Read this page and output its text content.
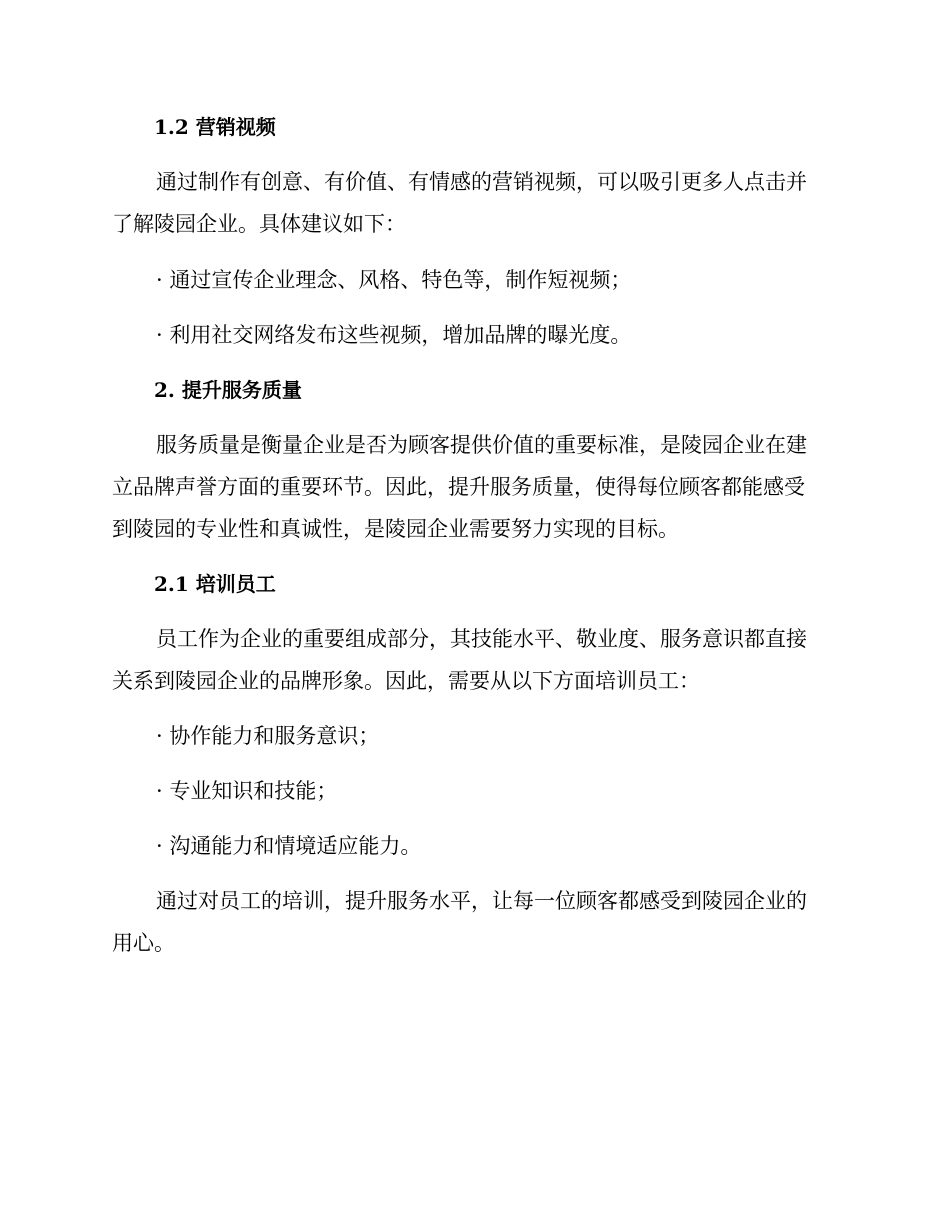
1.2 营销视频
通过制作有创意、有价值、有情感的营销视频，可以吸引更多人点击并
了解陵园企业。具体建议如下：
· 通过宣传企业理念、风格、特色等，制作短视频；
· 利用社交网络发布这些视频，增加品牌的曝光度。
2. 提升服务质量
服务质量是衡量企业是否为顾客提供价值的重要标准，是陵园企业在建
立品牌声誉方面的重要环节。因此，提升服务质量，使得每位顾客都能感受
到陵园的专业性和真诚性，是陵园企业需要努力实现的目标。
2.1 培训员工
员工作为企业的重要组成部分，其技能水平、敬业度、服务意识都直接
关系到陵园企业的品牌形象。因此，需要从以下方面培训员工：
· 协作能力和服务意识；
· 专业知识和技能；
· 沟通能力和情境适应能力。
通过对员工的培训，提升服务水平，让每一位顾客都感受到陵园企业的
用心。
